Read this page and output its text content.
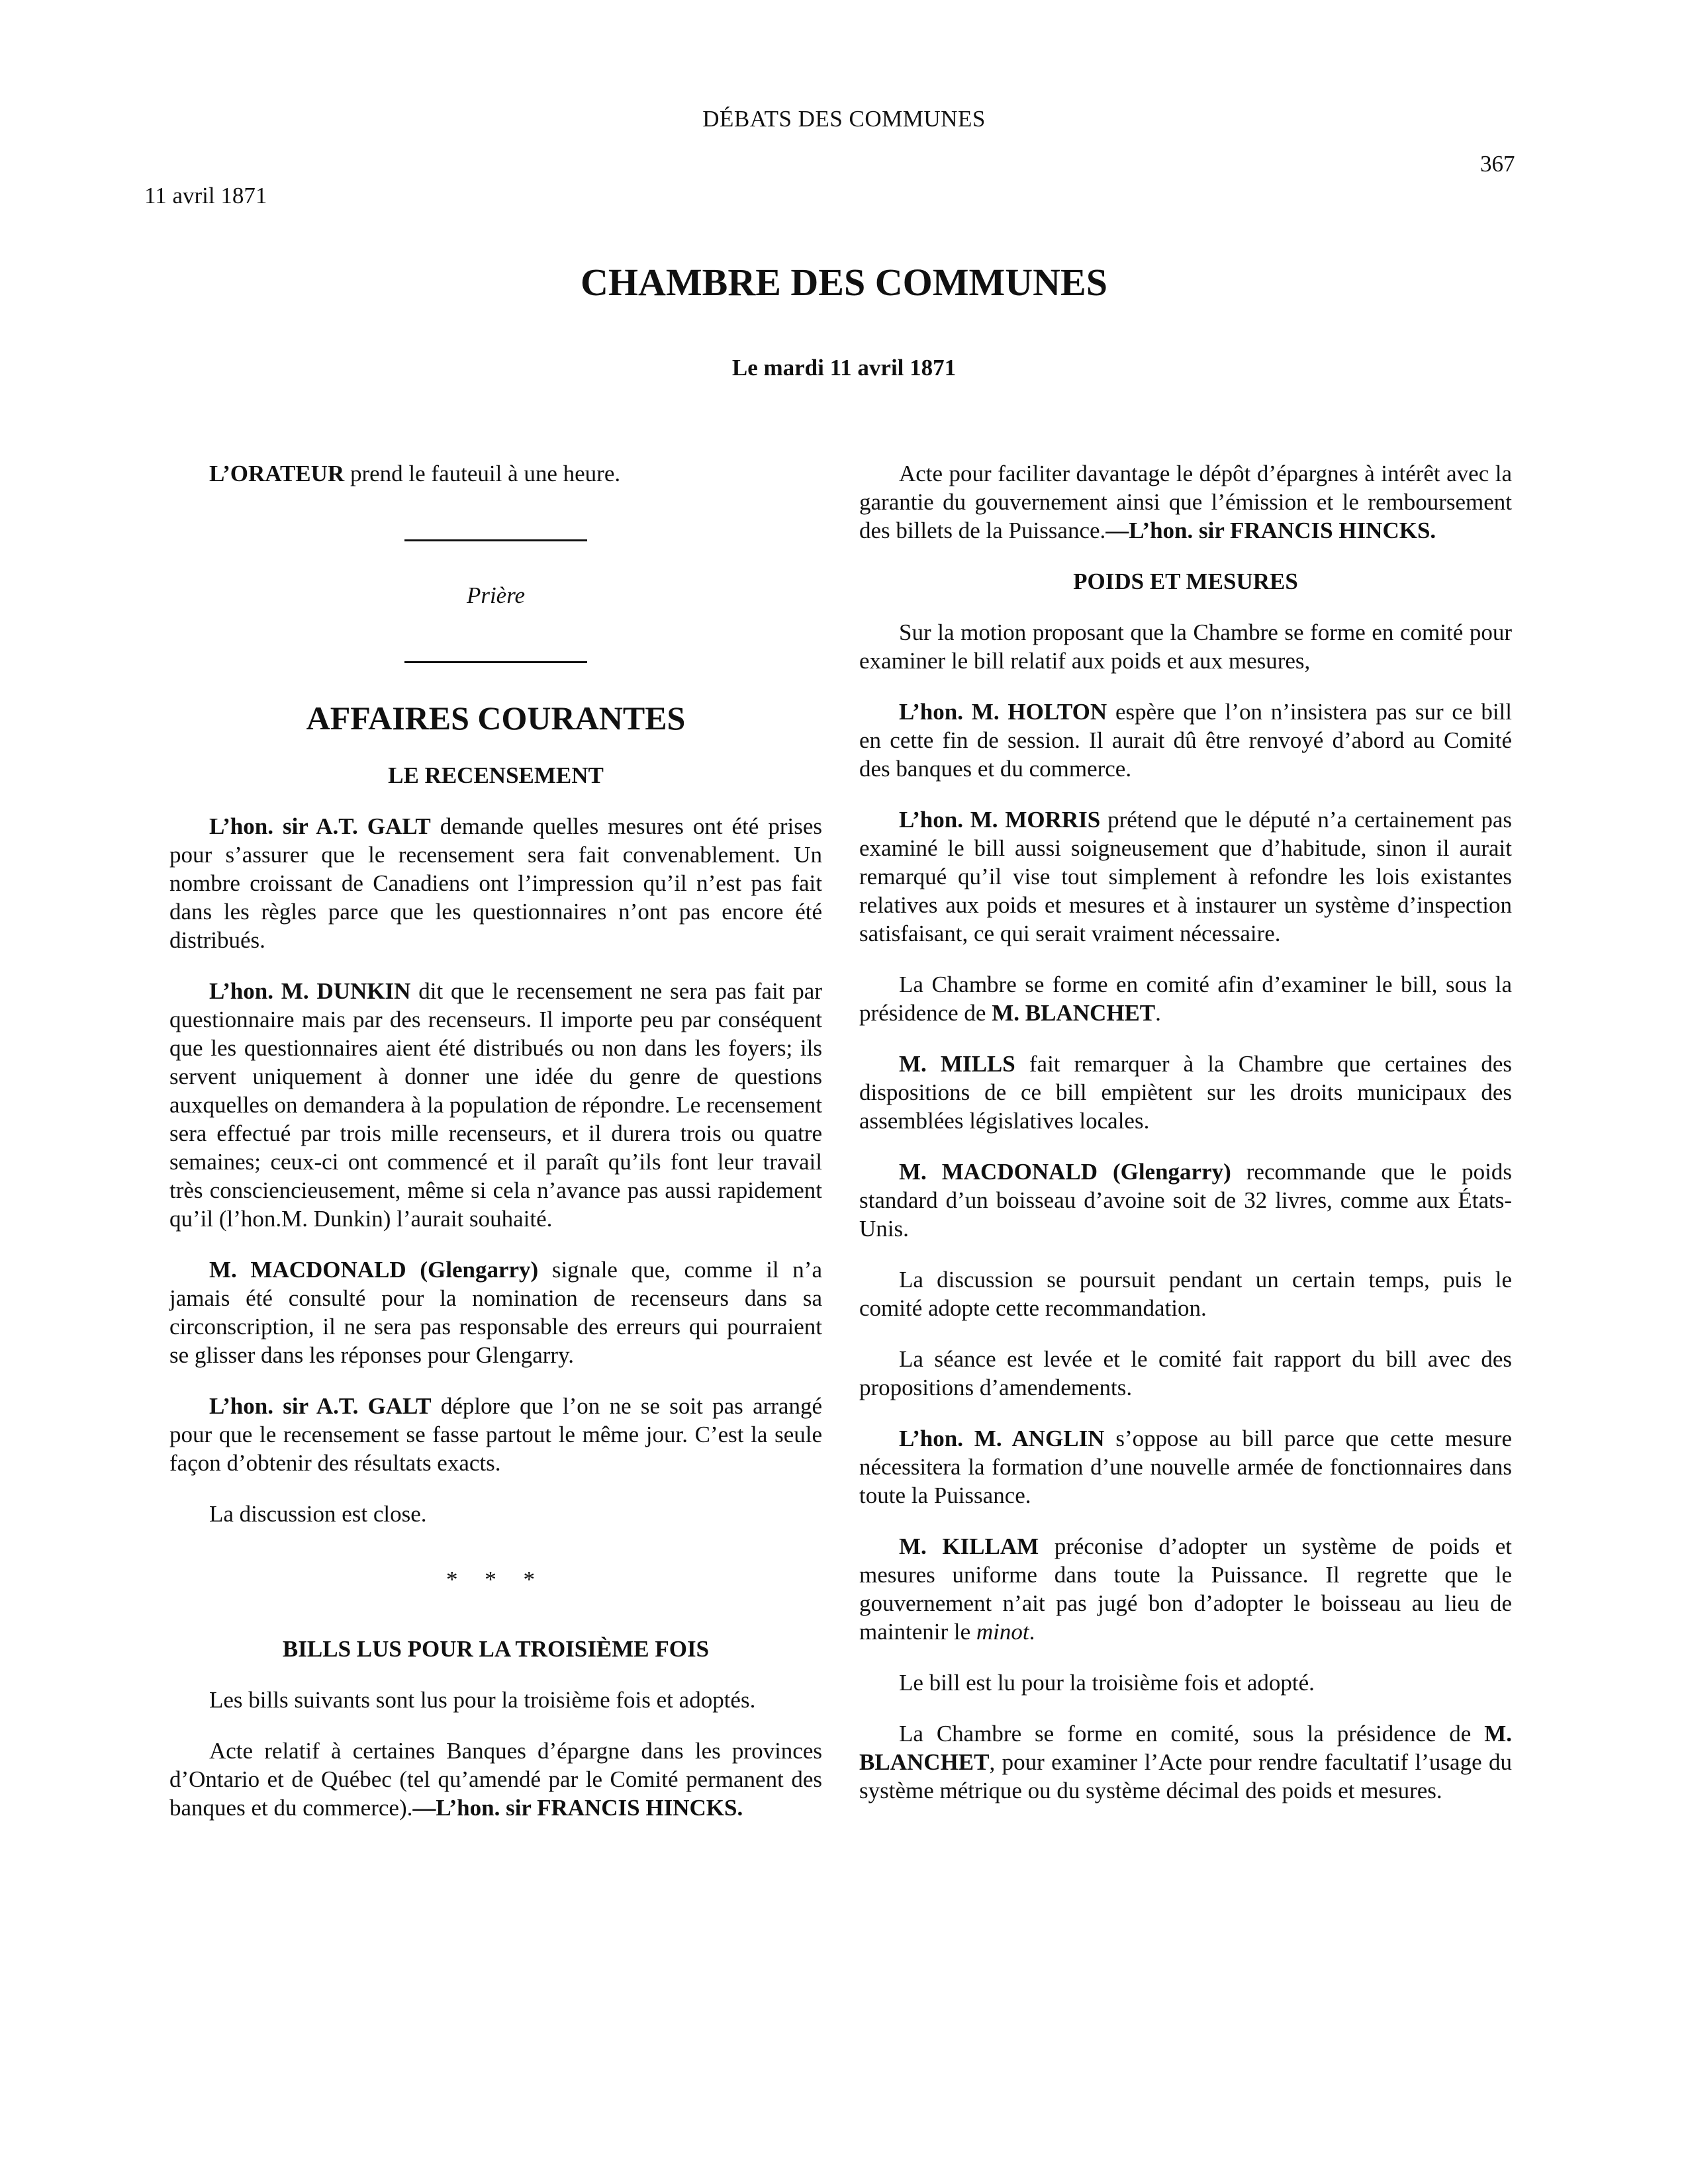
DÉBATS DES COMMUNES
367
11 avril 1871
CHAMBRE DES COMMUNES
Le mardi 11 avril 1871

L’ORATEUR prend le fauteuil à une heure.

Prière

AFFAIRES COURANTES
LE RECENSEMENT

L’hon. sir A.T. GALT demande quelles mesures ont été prises pour s’assurer que le recensement sera fait convenablement. Un nombre croissant de Canadiens ont l’impression qu’il n’est pas fait dans les règles parce que les questionnaires n’ont pas encore été distribués.

L’hon. M. DUNKIN dit que le recensement ne sera pas fait par questionnaire mais par des recenseurs. Il importe peu par conséquent que les questionnaires aient été distribués ou non dans les foyers; ils servent uniquement à donner une idée du genre de questions auxquelles on demandera à la population de répondre. Le recensement sera effectué par trois mille recenseurs, et il durera trois ou quatre semaines; ceux-ci ont commencé et il paraît qu’ils font leur travail très consciencieusement, même si cela n’avance pas aussi rapidement qu’il (l’hon.M. Dunkin) l’aurait souhaité.

M. MACDONALD (Glengarry) signale que, comme il n’a jamais été consulté pour la nomination de recenseurs dans sa circonscription, il ne sera pas responsable des erreurs qui pourraient se glisser dans les réponses pour Glengarry.

L’hon. sir A.T. GALT déplore que l’on ne se soit pas arrangé pour que le recensement se fasse partout le même jour. C’est la seule façon d’obtenir des résultats exacts.

La discussion est close.

* * *
BILLS LUS POUR LA TROISIÈME FOIS

Les bills suivants sont lus pour la troisième fois et adoptés.

Acte relatif à certaines Banques d’épargne dans les provinces d’Ontario et de Québec (tel qu’amendé par le Comité permanent des banques et du commerce).—L’hon. sir FRANCIS HINCKS.

Acte pour faciliter davantage le dépôt d’épargnes à intérêt avec la garantie du gouvernement ainsi que l’émission et le remboursement des billets de la Puissance.—L’hon. sir FRANCIS HINCKS.

POIDS ET MESURES

Sur la motion proposant que la Chambre se forme en comité pour examiner le bill relatif aux poids et aux mesures,

L’hon. M. HOLTON espère que l’on n’insistera pas sur ce bill en cette fin de session. Il aurait dû être renvoyé d’abord au Comité des banques et du commerce.

L’hon. M. MORRIS prétend que le député n’a certainement pas examiné le bill aussi soigneusement que d’habitude, sinon il aurait remarqué qu’il vise tout simplement à refondre les lois existantes relatives aux poids et mesures et à instaurer un système d’inspection satisfaisant, ce qui serait vraiment nécessaire.

La Chambre se forme en comité afin d’examiner le bill, sous la présidence de M. BLANCHET.

M. MILLS fait remarquer à la Chambre que certaines des dispositions de ce bill empiètent sur les droits municipaux des assemblées législatives locales.

M. MACDONALD (Glengarry) recommande que le poids standard d’un boisseau d’avoine soit de 32 livres, comme aux États-Unis.

La discussion se poursuit pendant un certain temps, puis le comité adopte cette recommandation.

La séance est levée et le comité fait rapport du bill avec des propositions d’amendements.

L’hon. M. ANGLIN s’oppose au bill parce que cette mesure nécessitera la formation d’une nouvelle armée de fonctionnaires dans toute la Puissance.

M. KILLAM préconise d’adopter un système de poids et mesures uniforme dans toute la Puissance. Il regrette que le gouvernement n’ait pas jugé bon d’adopter le boisseau au lieu de maintenir le minot.

Le bill est lu pour la troisième fois et adopté.

La Chambre se forme en comité, sous la présidence de M. BLANCHET, pour examiner l’Acte pour rendre facultatif l’usage du système métrique ou du système décimal des poids et mesures.
